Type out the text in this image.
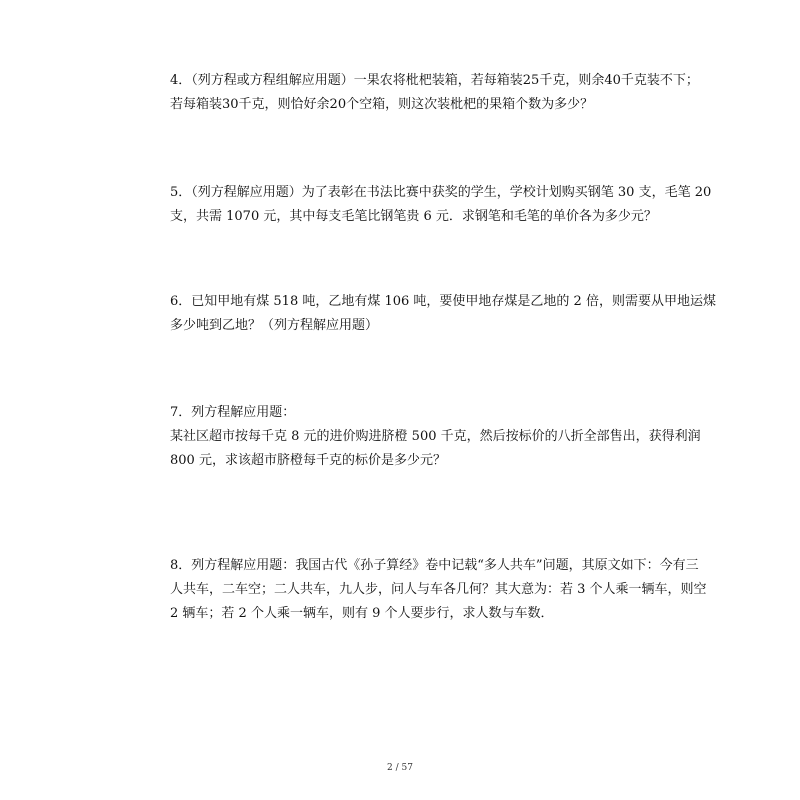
4．（列方程或方程组解应用题）一果农将枇杷装箱，若每箱装25千克，则余40千克装不下；

若每箱装30千克，则恰好余20个空箱，则这次装枇杷的果箱个数为多少？

5．（列方程解应用题）为了表彰在书法比赛中获奖的学生，学校计划购买钢笔 30 支，毛笔 20

支，共需 1070 元，其中每支毛笔比钢笔贵 6 元．求钢笔和毛笔的单价各为多少元？

6．已知甲地有煤 518 吨，乙地有煤 106 吨，要使甲地存煤是乙地的 2 倍，则需要从甲地运煤

多少吨到乙地？（列方程解应用题）

7．列方程解应用题：

某社区超市按每千克 8 元的进价购进脐橙 500 千克，然后按标价的八折全部售出，获得利润

800 元，求该超市脐橙每千克的标价是多少元？

8．列方程解应用题：我国古代《孙子算经》卷中记载“多人共车”问题，其原文如下：今有三

人共车，二车空；二人共车，九人步，问人与车各几何？其大意为：若 3 个人乘一辆车，则空

2 辆车；若 2 个人乘一辆车，则有 9 个人要步行，求人数与车数．

2 / 57
